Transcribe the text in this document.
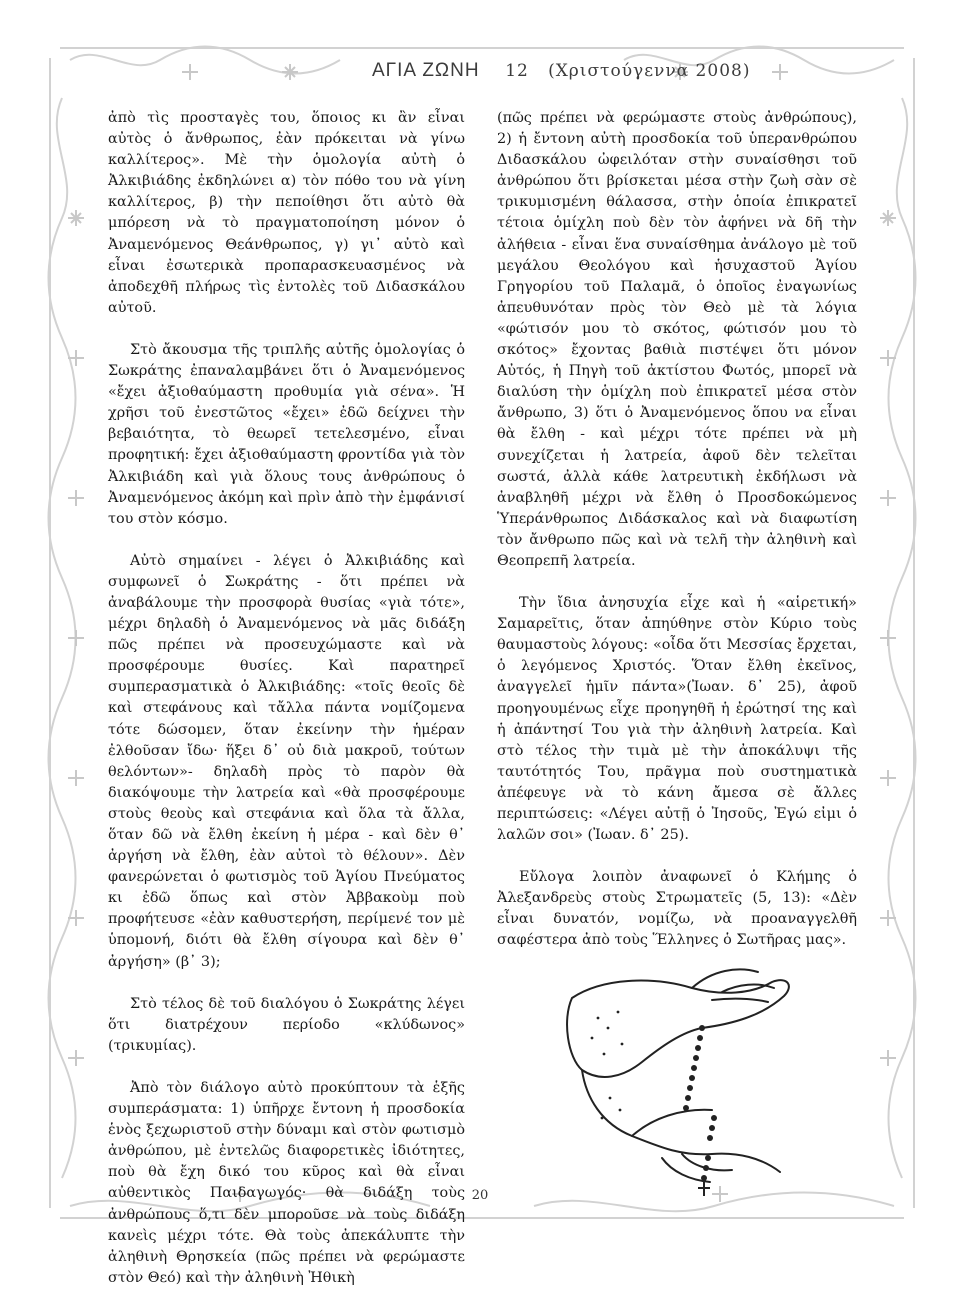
ΑΓΙΑ ΖΩΝΗ 12 (Χριστούγεννα 2008)

ἀπὸ τὶς προσταγὲς του, ὅποιος κι ἂν εἶναι αὐτὸς ὁ ἄνθρωπος, ἐὰν πρόκειται νὰ γίνω καλλίτερος». Μὲ τὴν ὁμολογία αὐτὴ ὁ Ἀλκιβιάδης ἐκδηλώνει α) τὸν πόθο του νὰ γίνη καλλίτερος, β) τὴν πεποίθησι ὅτι αὐτὸ θὰ μπόρεση νὰ τὸ πραγματοποίηση μόνον ὁ Ἀναμενόμενος Θεάνθρωπος, γ) γι᾽ αὐτὸ καὶ εἶναι ἐσωτερικὰ προπαρασκευασμένος νὰ ἀποδεχθῆ πλήρως τὶς ἐντολὲς τοῦ Διδασκάλου αὐτοῦ.

Στὸ ἄκουσμα τῆς τριπλῆς αὐτῆς ὁμολογίας ὁ Σωκράτης ἐπαναλαμβάνει ὅτι ὁ Ἀναμενόμενος «ἔχει ἀξιοθαύμαστη προθυμία γιὰ σένα». Ἡ χρῆσι τοῦ ἐνεστῶτος «ἔχει» ἐδῶ δείχνει τὴν βεβαιότητα, τὸ θεωρεῖ τετελεσμένο, εἶναι προφητική: ἔχει ἀξιοθαύμαστη φροντίδα γιὰ τὸν Ἀλκιβιάδη καὶ γιὰ ὅλους τους ἀνθρώπους ὁ Ἀναμενόμενος ἀκόμη καὶ πρὶν ἀπὸ τὴν ἐμφάνισί του στὸν κόσμο.

Αὐτὸ σημαίνει - λέγει ὁ Ἀλκιβιάδης καὶ συμφωνεῖ ὁ Σωκράτης - ὅτι πρέπει νὰ ἀναβάλουμε τὴν προσφορὰ θυσίας «γιὰ τότε», μέχρι δηλαδὴ ὁ Ἀναμενόμενος νὰ μᾶς διδάξη πῶς πρέπει νὰ προσευχώμαστε καὶ νὰ προσφέρουμε θυσίες. Καὶ παρατηρεῖ συμπερασματικὰ ὁ Ἀλκιβιάδης: «τοῖς θεοῖς δὲ καὶ στεφάνους καὶ τἄλλα πάντα νομίζομενα τότε δώσομεν, ὅταν ἐκείνην τὴν ἡμέραν ἐλθοῦσαν ἴδω· ἥξει δ᾽ οὐ διὰ μακροῦ, τούτων θελόντων»- δηλαδὴ πρὸς τὸ παρὸν θὰ διακόψουμε τὴν λατρεία καὶ «θὰ προσφέρουμε στοὺς θεοὺς καὶ στεφάνια καὶ ὅλα τὰ ἄλλα, ὅταν δῶ νὰ ἔλθη ἐκείνη ἡ μέρα - καὶ δὲν θ᾽ ἀργήση νὰ ἔλθη, ἐὰν αὐτοὶ τὸ θέλουν». Δὲν φανερώνεται ὁ φωτισμὸς τοῦ Ἁγίου Πνεύματος κι ἐδῶ ὅπως καὶ στὸν Ἀββακοὺμ ποὺ προφήτευσε «ἐὰν καθυστερήση, περίμενέ τον μὲ ὑπομονή, διότι θὰ ἔλθη σίγουρα καὶ δὲν θ᾽ ἀργήση» (β᾽ 3);

Στὸ τέλος δὲ τοῦ διαλόγου ὁ Σωκράτης λέγει ὅτι διατρέχουν περίοδο «κλύδωνος» (τρικυμίας).

Ἀπὸ τὸν διάλογο αὐτὸ προκύπτουν τὰ ἑξῆς συμπεράσματα: 1) ὑπῆρχε ἔντονη ἡ προσδοκία ἑνὸς ξεχωριστοῦ στὴν δύναμι καὶ στὸν φωτισμὸ ἀνθρώπου, μὲ ἐντελῶς διαφορετικὲς ἰδιότητες, ποὺ θὰ ἔχη δικό του κῦρος καὶ θὰ εἶναι αὐθεντικὸς Παιδαγωγός· θὰ διδάξη τοὺς ἀνθρώπους ὅ,τι δὲν μποροῦσε νὰ τοὺς διδάξη κανεὶς μέχρι τότε. Θὰ τοὺς ἀπεκάλυπτε τὴν ἀληθινὴ Θρησκεία (πῶς πρέπει νὰ φερώμαστε στὸν Θεό) καὶ τὴν ἀληθινὴ Ἠθικὴ

(πῶς πρέπει νὰ φερώμαστε στοὺς ἀνθρώπους), 2) ἡ ἔντονη αὐτὴ προσδοκία τοῦ ὑπερανθρώπου Διδασκάλου ὠφειλόταν στὴν συναίσθησι τοῦ ἀνθρώπου ὅτι βρίσκεται μέσα στὴν ζωὴ σὰν σὲ τρικυμισμένη θάλασσα, στὴν ὁποία ἐπικρατεῖ τέτοια ὁμίχλη ποὺ δὲν τὸν ἀφήνει νὰ δῆ τὴν ἀλήθεια - εἶναι ἕνα συναίσθημα ἀνάλογο μὲ τοῦ μεγάλου Θεολόγου καὶ ἡσυχαστοῦ Ἁγίου Γρηγορίου τοῦ Παλαμᾶ, ὁ ὁποῖος ἐναγωνίως ἀπευθυνόταν πρὸς τὸν Θεὸ μὲ τὰ λόγια «φώτισόν μου τὸ σκότος, φώτισόν μου τὸ σκότος» ἔχοντας βαθιὰ πιστέψει ὅτι μόνον Αὐτός, ἡ Πηγὴ τοῦ ἀκτίστου Φωτός, μπορεῖ νὰ διαλύση τὴν ὁμίχλη ποὺ ἐπικρατεῖ μέσα στὸν ἄνθρωπο, 3) ὅτι ὁ Ἀναμενόμενος ὅπου να εἶναι θὰ ἔλθη - καὶ μέχρι τότε πρέπει νὰ μὴ συνεχίζεται ἡ λατρεία, ἀφοῦ δὲν τελεῖται σωστά, ἀλλὰ κάθε λατρευτικὴ ἐκδήλωσι νὰ ἀναβληθῆ μέχρι νὰ ἔλθη ὁ Προσδοκώμενος Ὑπεράνθρωπος Διδάσκαλος καὶ νὰ διαφωτίση τὸν ἄνθρωπο πῶς καὶ νὰ τελῆ τὴν ἀληθινὴ καὶ Θεοπρεπῆ λατρεία.

Τὴν ἴδια ἀνησυχία εἶχε καὶ ἡ «αἱρετική» Σαμαρεῖτις, ὅταν ἀπηύθηνε στὸν Κύριο τοὺς θαυμαστοὺς λόγους: «οἶδα ὅτι Μεσσίας ἔρχεται, ὁ λεγόμενος Χριστός. Ὅταν ἔλθη ἐκεῖνος, ἀναγγελεῖ ἡμῖν πάντα»(Ἰωαν. δ᾽ 25), ἀφοῦ προηγουμένως εἶχε προηγηθῆ ἡ ἐρώτησί της καὶ ἡ ἀπάντησί Του γιὰ τὴν ἀληθινὴ λατρεία. Καὶ στὸ τέλος τὴν τιμὰ μὲ τὴν ἀποκάλυψι τῆς ταυτότητός Του, πρᾶγμα ποὺ συστηματικὰ ἀπέφευγε νὰ τὸ κάνη ἄμεσα σὲ ἄλλες περιπτώσεις: «Λέγει αὐτῇ ὁ Ἰησοῦς, Ἐγώ εἰμι ὁ λαλῶν σοι» (Ἰωαν. δ᾽ 25).

Εὔλογα λοιπὸν ἀναφωνεῖ ὁ Κλήμης ὁ Ἀλεξανδρεὺς στοὺς Στρωματεῖς (5, 13): «Δὲν εἶναι δυνατόν, νομίζω, νὰ προαναγγελθῆ σαφέστερα ἀπὸ τοὺς Ἕλληνες ὁ Σωτῆρας μας».

20
